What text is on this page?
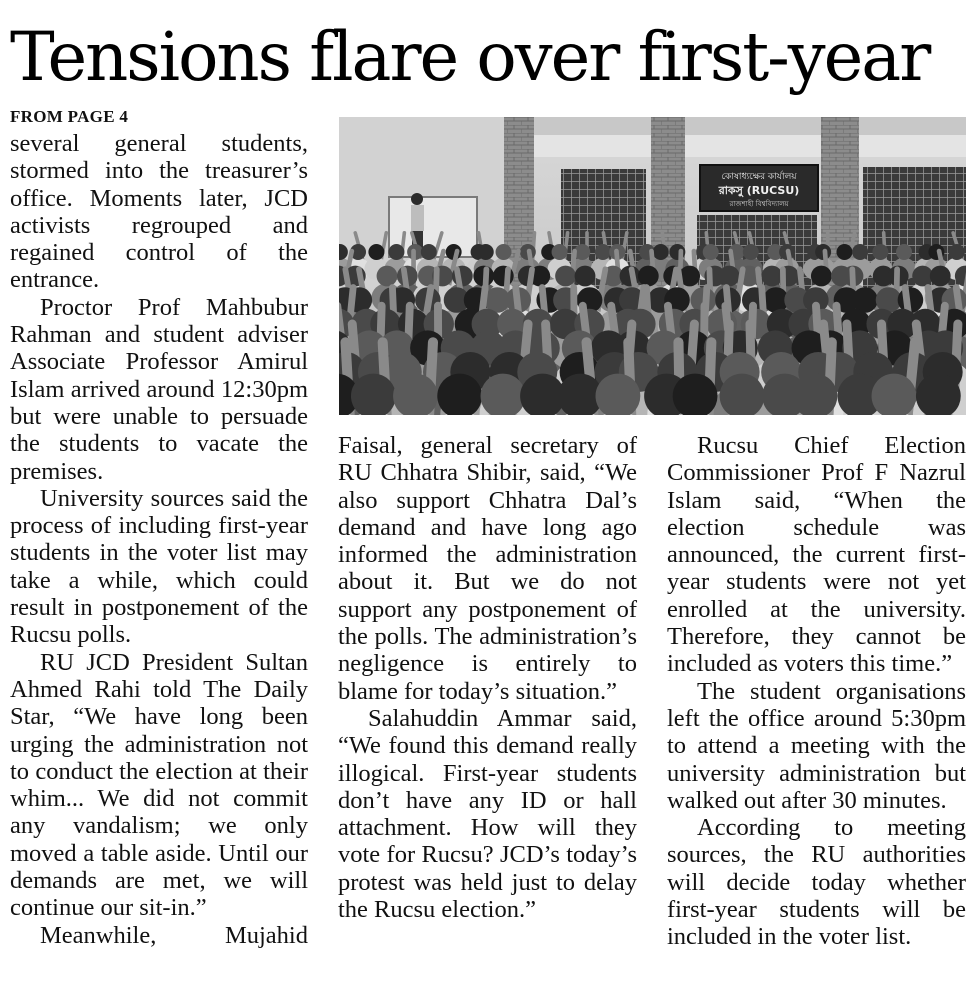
Tensions flare over first-year
FROM PAGE 4

several general students, stormed into the treasurer’s office. Moments later, JCD activists regrouped and regained control of the entrance.

Proctor Prof Mahbubur Rahman and student adviser Associate Professor Amirul Islam arrived around 12:30pm but were unable to persuade the students to vacate the premises.

University sources said the process of including first-year students in the voter list may take a while, which could result in postponement of the Rucsu polls.

RU JCD President Sultan Ahmed Rahi told The Daily Star, “We have long been urging the administration not to conduct the election at their whim... We did not commit any vandalism; we only moved a table aside. Until our demands are met, we will continue our sit-in.”

Meanwhile, Mujahid

কোষাধ্যক্ষের কার্যালয়
রাকসু (RUCSU)
রাজশাহী বিশ্ববিদ্যালয়

Faisal, general secretary of RU Chhatra Shibir, said, “We also support Chhatra Dal’s demand and have long ago informed the administration about it. But we do not support any postponement of the polls. The administration’s negligence is entirely to blame for today’s situation.”

Salahuddin Ammar said, “We found this demand really illogical. First-year students don’t have any ID or hall attachment. How will they vote for Rucsu? JCD’s today’s protest was held just to delay the Rucsu election.”

Rucsu Chief Election Commissioner Prof F Nazrul Islam said, “When the election schedule was announced, the current first-year students were not yet enrolled at the university. Therefore, they cannot be included as voters this time.”

The student organisations left the office around 5:30pm to attend a meeting with the university administration but walked out after 30 minutes.

According to meeting sources, the RU authorities will decide today whether first-year students will be included in the voter list.
